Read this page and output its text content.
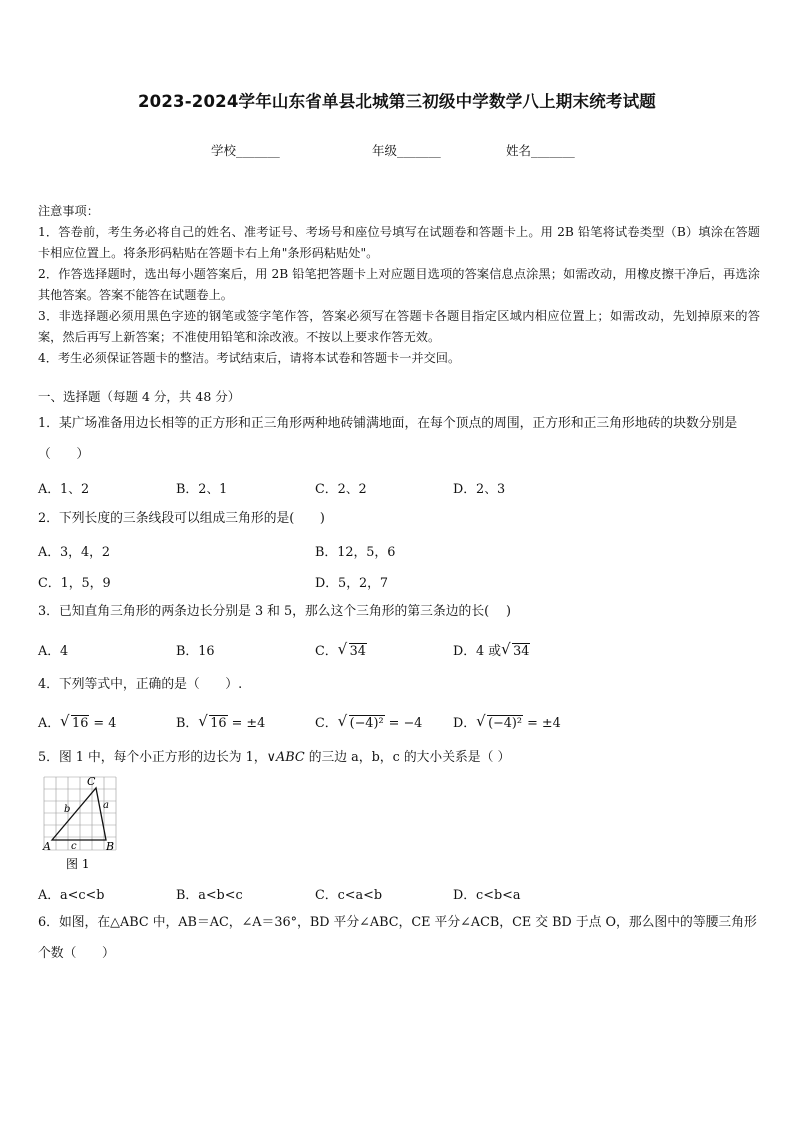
2023-2024学年山东省单县北城第三初级中学数学八上期末统考试题
学校_______	年级_______	姓名_______

注意事项：

1．答卷前，考生务必将自己的姓名、准考证号、考场号和座位号填写在试题卷和答题卡上。用 2B 铅笔将试卷类型（B）填涂在答题卡相应位置上。将条形码粘贴在答题卡右上角"条形码粘贴处"。

2．作答选择题时，选出每小题答案后，用 2B 铅笔把答题卡上对应题目选项的答案信息点涂黑；如需改动，用橡皮擦干净后，再选涂其他答案。答案不能答在试题卷上。

3．非选择题必须用黑色字迹的钢笔或签字笔作答，答案必须写在答题卡各题目指定区域内相应位置上；如需改动，先划掉原来的答案，然后再写上新答案；不准使用铅笔和涂改液。不按以上要求作答无效。

4．考生必须保证答题卡的整洁。考试结束后，请将本试卷和答题卡一并交回。

一、选择题（每题 4 分，共 48 分）
1．某广场准备用边长相等的正方形和正三角形两种地砖铺满地面，在每个顶点的周围，正方形和正三角形地砖的块数分别是（　　）
A．1、2	B．2、1	C．2、2	D．2、3
2．下列长度的三条线段可以组成三角形的是(　　)
A．3，4，2	B．12，5，6
C．1，5，9	D．5，2，7
3．已知直角三角形的两条边长分别是 3 和 5，那么这个三角形的第三条边的长(　 )
A．4	B．16	C． √ 34	D．4 或 √ 34
4．下列等式中，正确的是（　　）.
A． √ 16 = 4	B． √ 16 = ±4	C． √ (−4)² = −4 D． √ (−4)² = ±4
5．图 1 中，每个小正方形的边长为 1，∨ABC 的三边 a，b，c 的大小关系是（ ）
A	B
C
a
b
c
图 1
A．a<c<b	B．a<b<c	C．c<a<b	D．c<b<a
6．如图，在△ABC 中，AB＝AC，∠A＝36°，BD 平分∠ABC，CE 平分∠ACB，CE 交 BD 于点 O，那么图中的等腰三角形个数（　　）
